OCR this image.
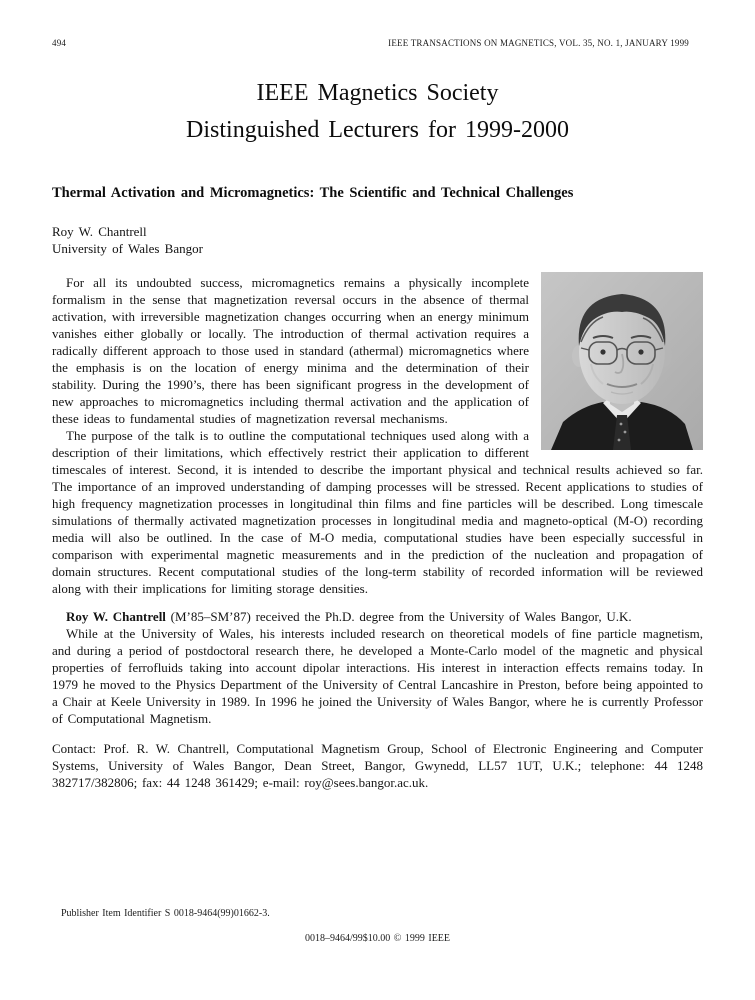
494	IEEE TRANSACTIONS ON MAGNETICS, VOL. 35, NO. 1, JANUARY 1999
IEEE Magnetics Society
Distinguished Lecturers for 1999-2000
Thermal Activation and Micromagnetics: The Scientific and Technical Challenges
Roy W. Chantrell
University of Wales Bangor

For all its undoubted success, micromagnetics remains a physically incomplete formalism in the sense that magnetization reversal occurs in the absence of thermal activation, with irreversible magnetization changes occurring when an energy minimum vanishes either globally or locally. The introduction of thermal activation requires a radically different approach to those used in standard (athermal) micromagnetics where the emphasis is on the location of energy minima and the determination of their stability. During the 1990’s, there has been significant progress in the development of new approaches to micromagnetics including thermal activation and the application of these ideas to fundamental studies of magnetization reversal mechanisms.

The purpose of the talk is to outline the computational techniques used along with a description of their limitations, which effectively restrict their application to different timescales of interest. Second, it is intended to describe the important physical and technical results achieved so far. The importance of an improved understanding of damping processes will be stressed. Recent applications to studies of high frequency magnetization processes in longitudinal thin films and fine particles will be described. Long timescale simulations of thermally activated magnetization processes in longitudinal media and magneto-optical (M-O) recording media will also be outlined. In the case of M-O media, computational studies have been especially successful in comparison with experimental magnetic measurements and in the prediction of the nucleation and propagation of domain structures. Recent computational studies of the long-term stability of recorded information will be reviewed along with their implications for limiting storage densities.

Roy W. Chantrell (M’85–SM’87) received the Ph.D. degree from the University of Wales Bangor, U.K.

While at the University of Wales, his interests included research on theoretical models of fine particle magnetism, and during a period of postdoctoral research there, he developed a Monte-Carlo model of the magnetic and physical properties of ferrofluids taking into account dipolar interactions. His interest in interaction effects remains today. In 1979 he moved to the Physics Department of the University of Central Lancashire in Preston, before being appointed to a Chair at Keele University in 1989. In 1996 he joined the University of Wales Bangor, where he is currently Professor of Computational Magnetism.

Contact: Prof. R. W. Chantrell, Computational Magnetism Group, School of Electronic Engineering and Computer Systems, University of Wales Bangor, Dean Street, Bangor, Gwynedd, LL57 1UT, U.K.; telephone: 44 1248 382717/382806; fax: 44 1248 361429; e-mail: roy@sees.bangor.ac.uk.

Publisher Item Identifier S 0018-9464(99)01662-3.
0018–9464/99$10.00 © 1999 IEEE
